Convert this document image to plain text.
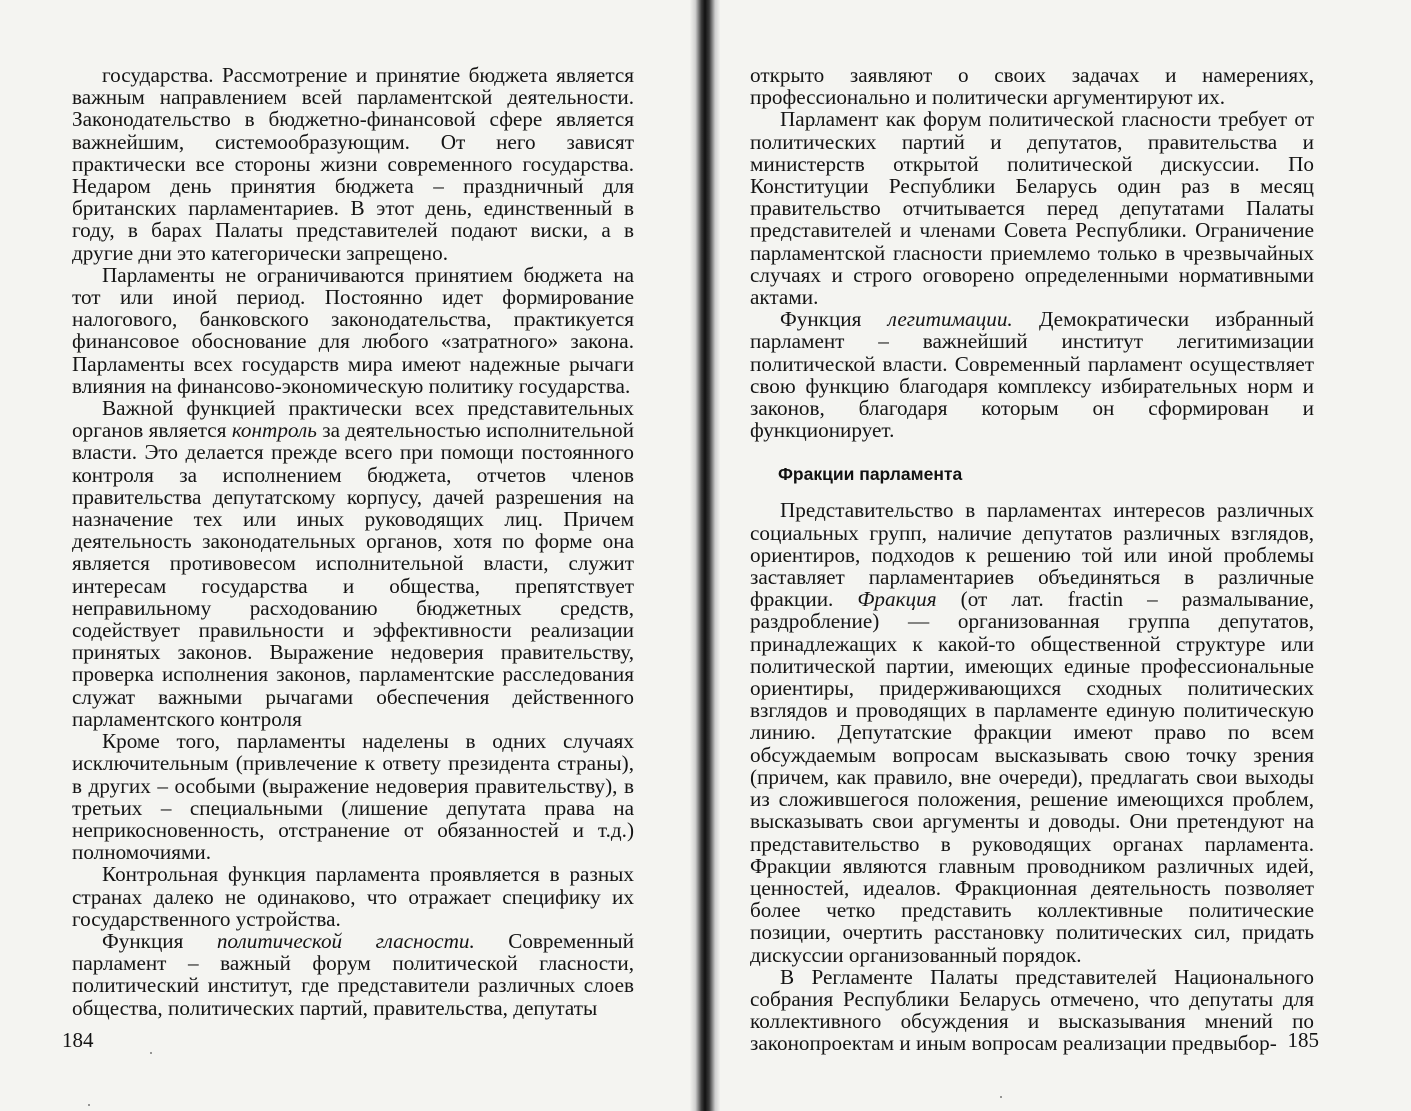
государства. Рассмотрение и принятие бюджета является важным направлением всей парламентской деятельности. Законодательство в бюджетно-финансовой сфере является важнейшим, системообразующим. От него зависят практически все стороны жизни современного государства. Недаром день принятия бюджета – праздничный для британских парламентариев. В этот день, единственный в году, в барах Палаты представителей подают виски, а в другие дни это категорически запрещено.

Парламенты не ограничиваются принятием бюджета на тот или иной период. Постоянно идет формирование налогового, банковского законодательства, практикуется финансовое обоснование для любого «затратного» закона. Парламенты всех государств мира имеют надежные рычаги влияния на финансово-экономическую политику государства.

Важной функцией практически всех представительных органов является контроль за деятельностью исполнительной власти. Это делается прежде всего при помощи постоянного контроля за исполнением бюджета, отчетов членов правительства депутатскому корпусу, дачей разрешения на назначение тех или иных руководящих лиц. Причем деятельность законодательных органов, хотя по форме она является противовесом исполнительной власти, служит интересам государства и общества, препятствует неправильному расходованию бюджетных средств, содействует правильности и эффективности реализации принятых законов. Выражение недоверия правительству, проверка исполнения законов, парламентские расследования служат важными рычагами обеспечения действенного парламентского контроля

Кроме того, парламенты наделены в одних случаях исключительным (привлечение к ответу президента страны), в других – особыми (выражение недоверия правительству), в третьих – специальными (лишение депутата права на неприкосновенность, отстранение от обязанностей и т.д.) полномочиями.

Контрольная функция парламента проявляется в разных странах далеко не одинаково, что отражает специфику их государственного устройства.

Функция политической гласности. Современный парламент – важный форум политической гласности, политический институт, где представители различных слоев общества, политических партий, правительства, депутаты

184

открыто заявляют о своих задачах и намерениях, профессионально и политически аргументируют их.

Парламент как форум политической гласности требует от политических партий и депутатов, правительства и министерств открытой политической дискуссии. По Конституции Республики Беларусь один раз в месяц правительство отчитывается перед депутатами Палаты представителей и членами Совета Республики. Ограничение парламентской гласности приемлемо только в чрезвычайных случаях и строго оговорено определенными нормативными актами.

Функция легитимации. Демократически избранный парламент – важнейший институт легитимизации политической власти. Современный парламент осуществляет свою функцию благодаря комплексу избирательных норм и законов, благодаря которым он сформирован и функционирует.

Фракции парламента

Представительство в парламентах интересов различных социальных групп, наличие депутатов различных взглядов, ориентиров, подходов к решению той или иной проблемы заставляет парламентариев объединяться в различные фракции. Фракция (от лат. fractin – размалывание, раздробление) — организованная группа депутатов, принадлежащих к какой-то общественной структуре или политической партии, имеющих единые профессиональные ориентиры, придерживающихся сходных политических взглядов и проводящих в парламенте единую политическую линию. Депутатские фракции имеют право по всем обсуждаемым вопросам высказывать свою точку зрения (причем, как правило, вне очереди), предлагать свои выходы из сложившегося положения, решение имеющихся проблем, высказывать свои аргументы и доводы. Они претендуют на представительство в руководящих органах парламента. Фракции являются главным проводником различных идей, ценностей, идеалов. Фракционная деятельность позволяет более четко представить коллективные политические позиции, очертить расстановку политических сил, придать дискуссии организованный порядок.

В Регламенте Палаты представителей Национального собрания Республики Беларусь отмечено, что депутаты для коллективного обсуждения и высказывания мнений по законопроектам и иным вопросам реализации предвыбор- 185
